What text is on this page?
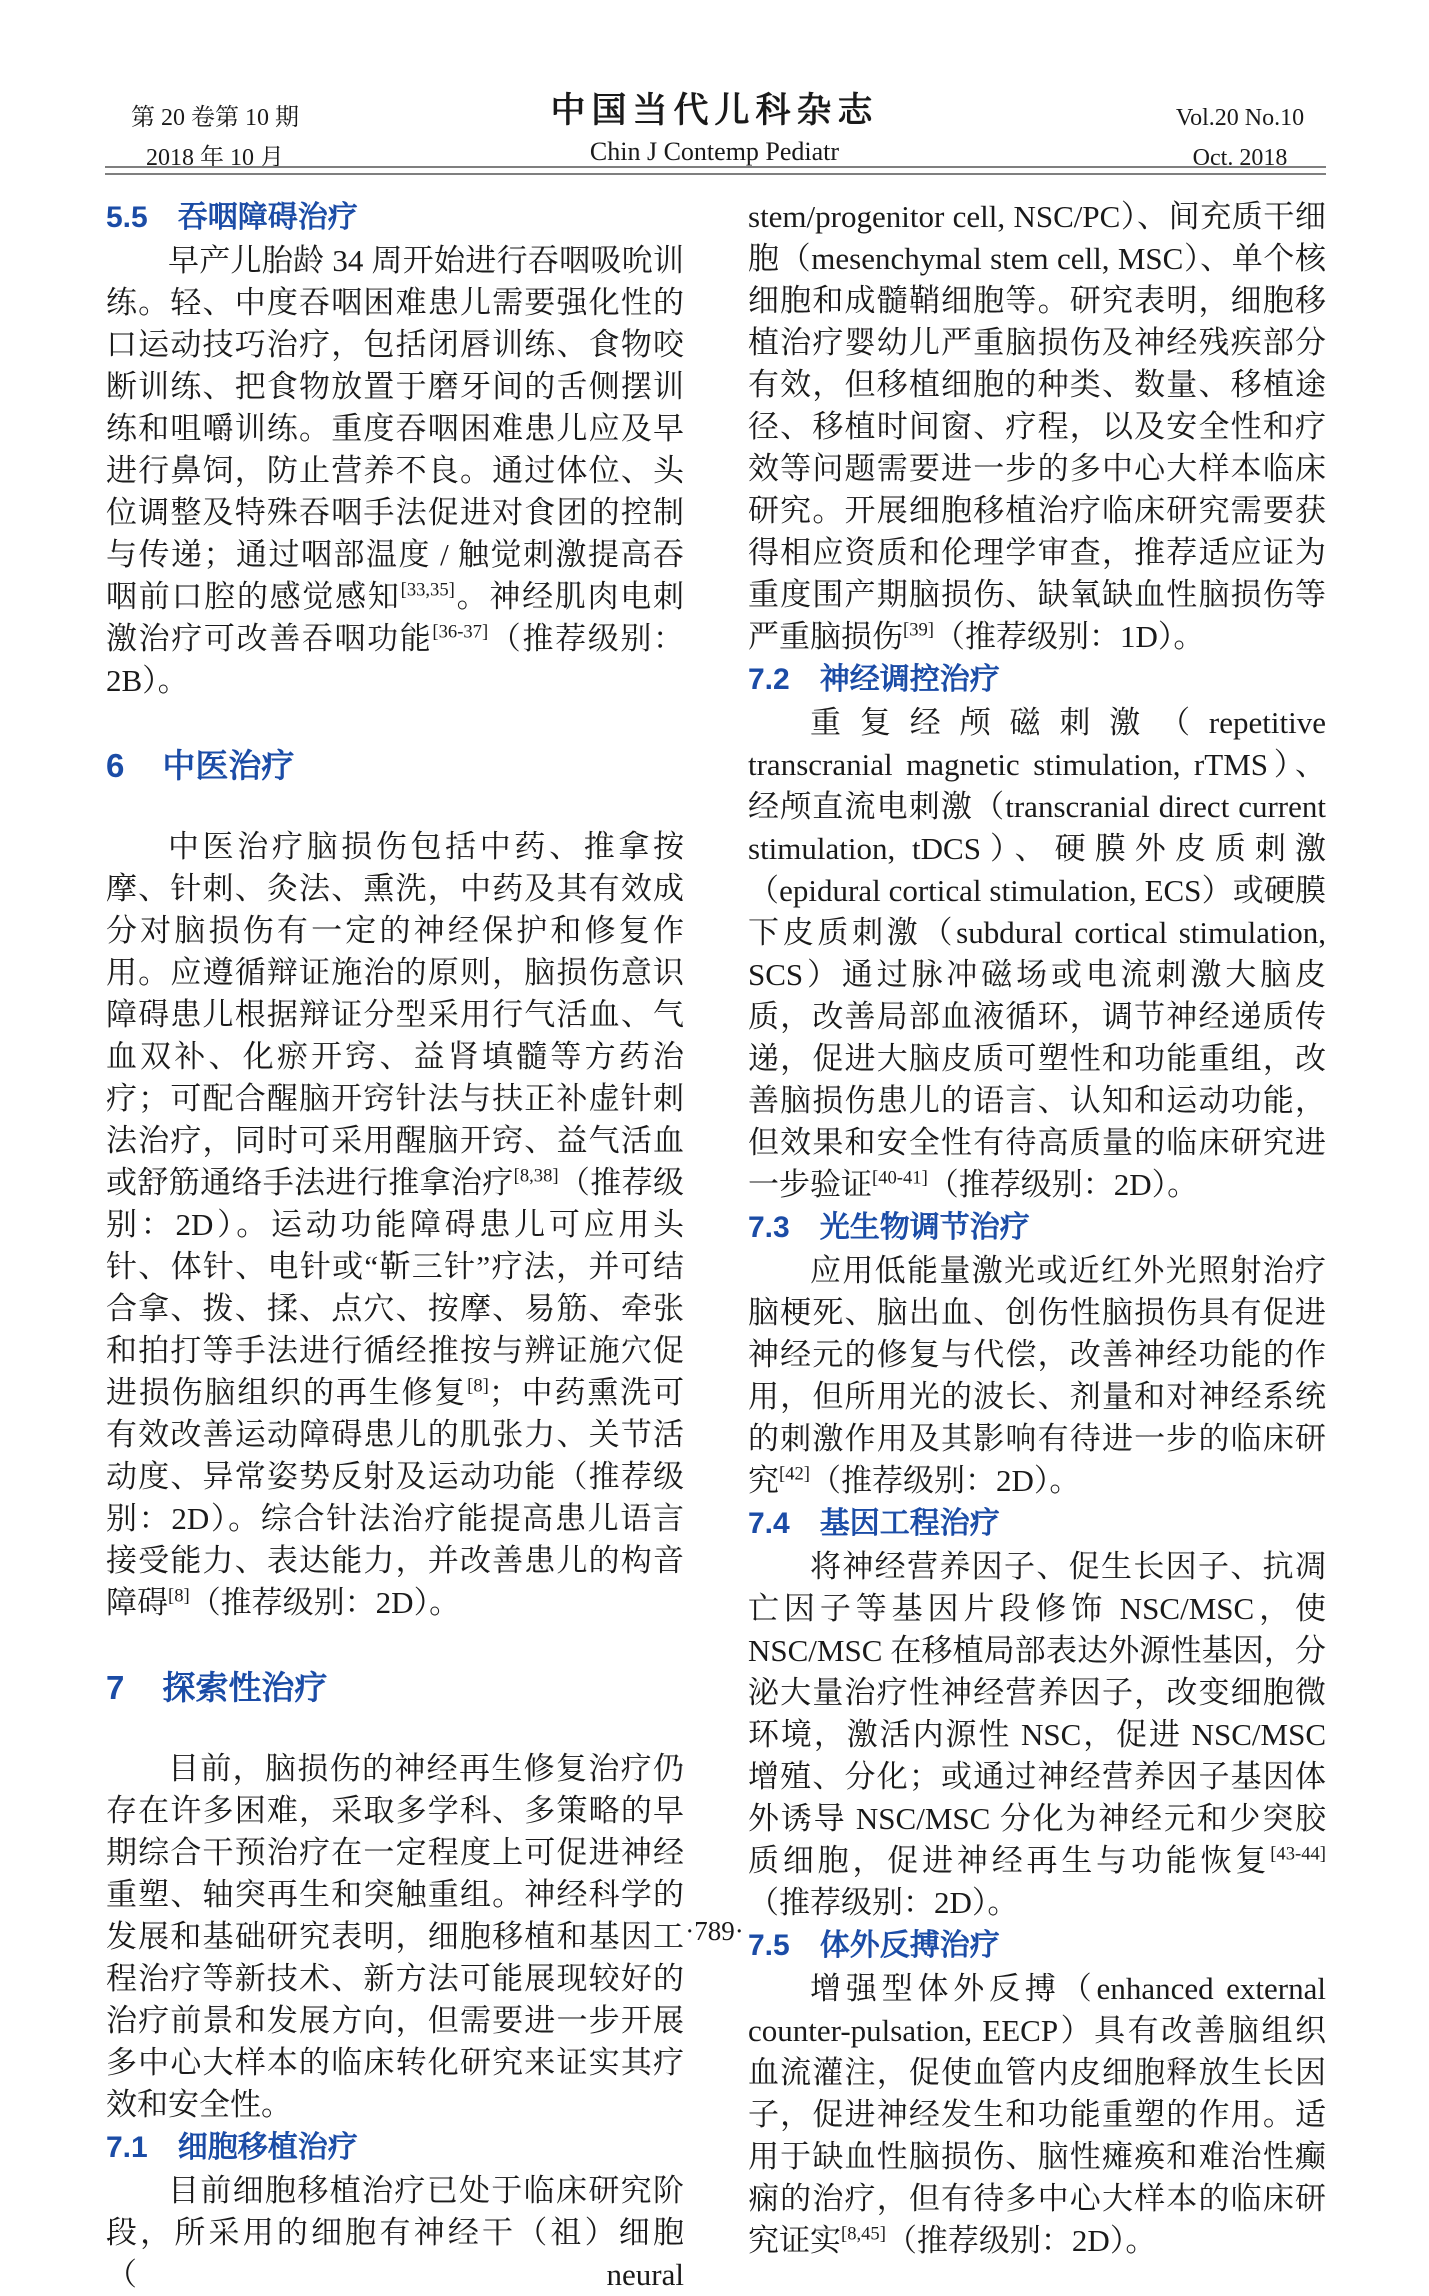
第 20 卷第 10 期
2018 年 10 月
中国当代儿科杂志
Chin J Contemp Pediatr
Vol.20 No.10
Oct. 2018
5.5 吞咽障碍治疗

早产儿胎龄 34 周开始进行吞咽吸吮训练。轻、中度吞咽困难患儿需要强化性的口运动技巧治疗，包括闭唇训练、食物咬断训练、把食物放置于磨牙间的舌侧摆训练和咀嚼训练。重度吞咽困难患儿应及早进行鼻饲，防止营养不良。通过体位、头位调整及特殊吞咽手法促进对食团的控制与传递；通过咽部温度 / 触觉刺激提高吞咽前口腔的感觉感知[33,35]。神经肌肉电刺激治疗可改善吞咽功能[36-37]（推荐级别：2B）。

6 中医治疗

中医治疗脑损伤包括中药、推拿按摩、针刺、灸法、熏洗，中药及其有效成分对脑损伤有一定的神经保护和修复作用。应遵循辩证施治的原则，脑损伤意识障碍患儿根据辩证分型采用行气活血、气血双补、化瘀开窍、益肾填髓等方药治疗；可配合醒脑开窍针法与扶正补虚针刺法治疗，同时可采用醒脑开窍、益气活血或舒筋通络手法进行推拿治疗[8,38]（推荐级别：2D）。运动功能障碍患儿可应用头针、体针、电针或“靳三针”疗法，并可结合拿、拨、揉、点穴、按摩、易筋、牵张和拍打等手法进行循经推按与辨证施穴促进损伤脑组织的再生修复[8]；中药熏洗可有效改善运动障碍患儿的肌张力、关节活动度、异常姿势反射及运动功能（推荐级别：2D）。综合针法治疗能提高患儿语言接受能力、表达能力，并改善患儿的构音障碍[8]（推荐级别：2D）。

7 探索性治疗

目前，脑损伤的神经再生修复治疗仍存在许多困难，采取多学科、多策略的早期综合干预治疗在一定程度上可促进神经重塑、轴突再生和突触重组。神经科学的发展和基础研究表明，细胞移植和基因工程治疗等新技术、新方法可能展现较好的治疗前景和发展方向，但需要进一步开展多中心大样本的临床转化研究来证实其疗效和安全性。

7.1 细胞移植治疗

目前细胞移植治疗已处于临床研究阶段，所采用的细胞有神经干（祖）细胞（neural

stem/progenitor cell, NSC/PC）、间充质干细胞（mesenchymal stem cell, MSC）、单个核细胞和成髓鞘细胞等。研究表明，细胞移植治疗婴幼儿严重脑损伤及神经残疾部分有效，但移植细胞的种类、数量、移植途径、移植时间窗、疗程，以及安全性和疗效等问题需要进一步的多中心大样本临床研究。开展细胞移植治疗临床研究需要获得相应资质和伦理学审查，推荐适应证为重度围产期脑损伤、缺氧缺血性脑损伤等严重脑损伤[39]（推荐级别：1D）。

7.2 神经调控治疗

重复经颅磁刺激（repetitive transcranial magnetic stimulation, rTMS）、经颅直流电刺激（transcranial direct current stimulation, tDCS）、硬膜外皮质刺激（epidural cortical stimulation, ECS）或硬膜下皮质刺激（subdural cortical stimulation, SCS）通过脉冲磁场或电流刺激大脑皮质，改善局部血液循环，调节神经递质传递，促进大脑皮质可塑性和功能重组，改善脑损伤患儿的语言、认知和运动功能，但效果和安全性有待高质量的临床研究进一步验证[40-41]（推荐级别：2D）。

7.3 光生物调节治疗

应用低能量激光或近红外光照射治疗脑梗死、脑出血、创伤性脑损伤具有促进神经元的修复与代偿，改善神经功能的作用，但所用光的波长、剂量和对神经系统的刺激作用及其影响有待进一步的临床研究[42]（推荐级别：2D）。

7.4 基因工程治疗

将神经营养因子、促生长因子、抗凋亡因子等基因片段修饰 NSC/MSC，使 NSC/MSC 在移植局部表达外源性基因，分泌大量治疗性神经营养因子，改变细胞微环境，激活内源性 NSC，促进 NSC/MSC 增殖、分化；或通过神经营养因子基因体外诱导 NSC/MSC 分化为神经元和少突胶质细胞，促进神经再生与功能恢复[43-44]（推荐级别：2D）。

7.5 体外反搏治疗

增强型体外反搏（enhanced external counter-pulsation, EECP）具有改善脑组织血流灌注，促使血管内皮细胞释放生长因子，促进神经发生和功能重塑的作用。适用于缺血性脑损伤、脑性瘫痪和难治性癫痫的治疗，但有待多中心大样本的临床研究证实[8,45]（推荐级别：2D）。

·789·
